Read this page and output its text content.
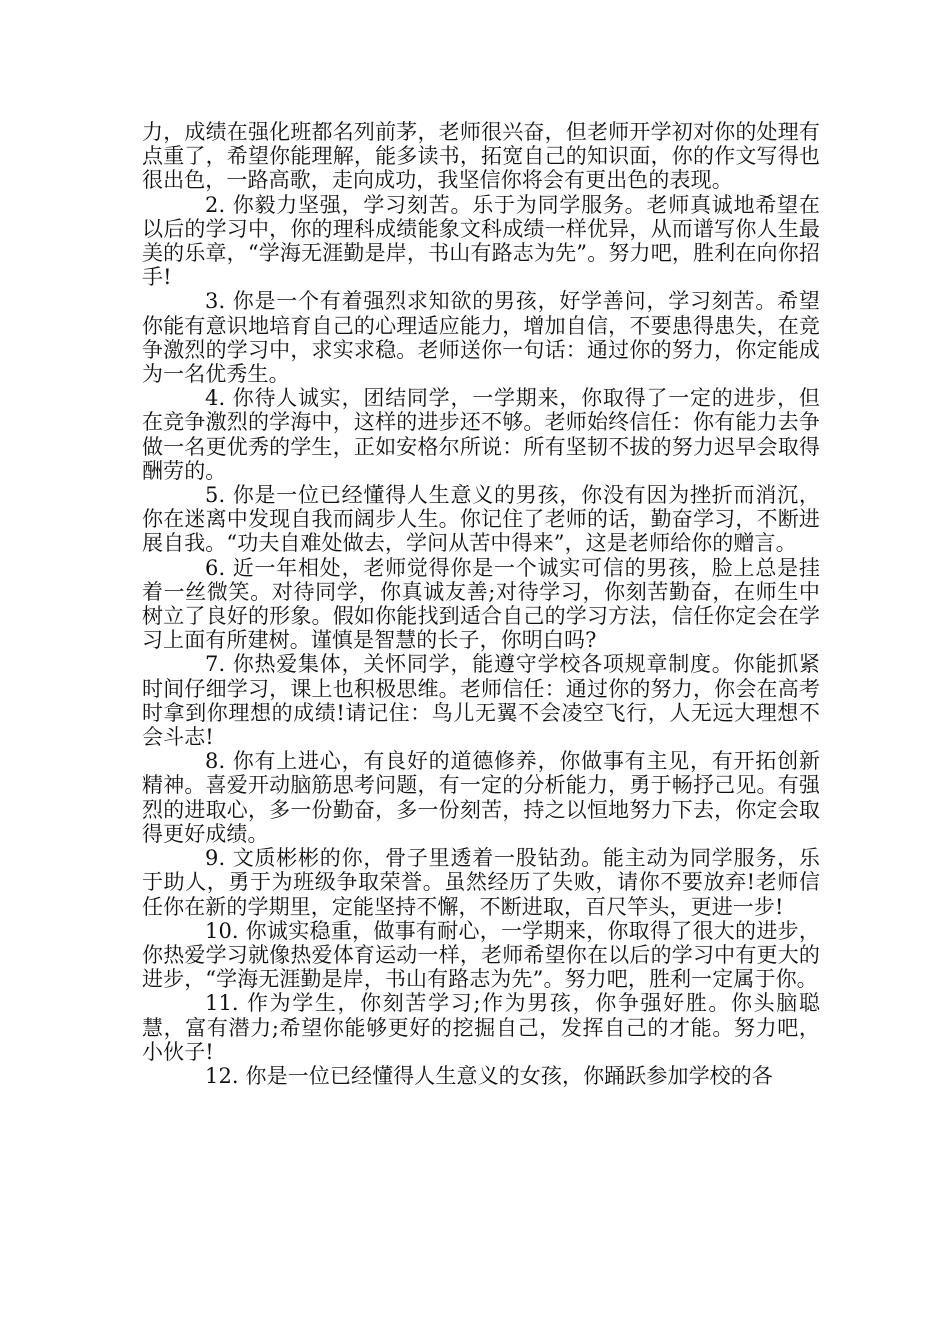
力，成绩在强化班都名列前茅，老师很兴奋，但老师开学初对你的处理有点重了，希望你能理解，能多读书，拓宽自己的知识面，你的作文写得也很出色，一路高歌，走向成功，我坚信你将会有更出色的表现。

2. 你毅力坚强，学习刻苦。乐于为同学服务。老师真诚地希望在以后的学习中，你的理科成绩能象文科成绩一样优异，从而谱写你人生最美的乐章，“学海无涯勤是岸，书山有路志为先”。努力吧，胜利在向你招手!

3. 你是一个有着强烈求知欲的男孩，好学善问，学习刻苦。希望你能有意识地培育自己的心理适应能力，增加自信，不要患得患失，在竞争激烈的学习中，求实求稳。老师送你一句话：通过你的努力，你定能成为一名优秀生。

4. 你待人诚实，团结同学，一学期来，你取得了一定的进步，但在竞争激烈的学海中，这样的进步还不够。老师始终信任：你有能力去争做一名更优秀的学生，正如安格尔所说：所有坚韧不拔的努力迟早会取得酬劳的。

5. 你是一位已经懂得人生意义的男孩，你没有因为挫折而消沉，你在迷离中发现自我而阔步人生。你记住了老师的话，勤奋学习，不断进展自我。“功夫自难处做去，学问从苦中得来”，这是老师给你的赠言。

6. 近一年相处，老师觉得你是一个诚实可信的男孩，脸上总是挂着一丝微笑。对待同学，你真诚友善;对待学习，你刻苦勤奋，在师生中树立了良好的形象。假如你能找到适合自己的学习方法，信任你定会在学习上面有所建树。谨慎是智慧的长子，你明白吗?

7. 你热爱集体，关怀同学，能遵守学校各项规章制度。你能抓紧时间仔细学习，课上也积极思维。老师信任：通过你的努力，你会在高考时拿到你理想的成绩!请记住：鸟儿无翼不会凌空飞行，人无远大理想不会斗志!

8. 你有上进心，有良好的道德修养，你做事有主见，有开拓创新精神。喜爱开动脑筋思考问题，有一定的分析能力，勇于畅抒己见。有强烈的进取心，多一份勤奋，多一份刻苦，持之以恒地努力下去，你定会取得更好成绩。

9. 文质彬彬的你，骨子里透着一股钻劲。能主动为同学服务，乐于助人，勇于为班级争取荣誉。虽然经历了失败，请你不要放弃!老师信任你在新的学期里，定能坚持不懈，不断进取，百尺竿头，更进一步!

10. 你诚实稳重，做事有耐心，一学期来，你取得了很大的进步，你热爱学习就像热爱体育运动一样，老师希望你在以后的学习中有更大的进步，“学海无涯勤是岸，书山有路志为先”。努力吧，胜利一定属于你。

11. 作为学生，你刻苦学习;作为男孩，你争强好胜。你头脑聪慧，富有潜力;希望你能够更好的挖掘自己，发挥自己的才能。努力吧，小伙子!

12. 你是一位已经懂得人生意义的女孩，你踊跃参加学校的各
